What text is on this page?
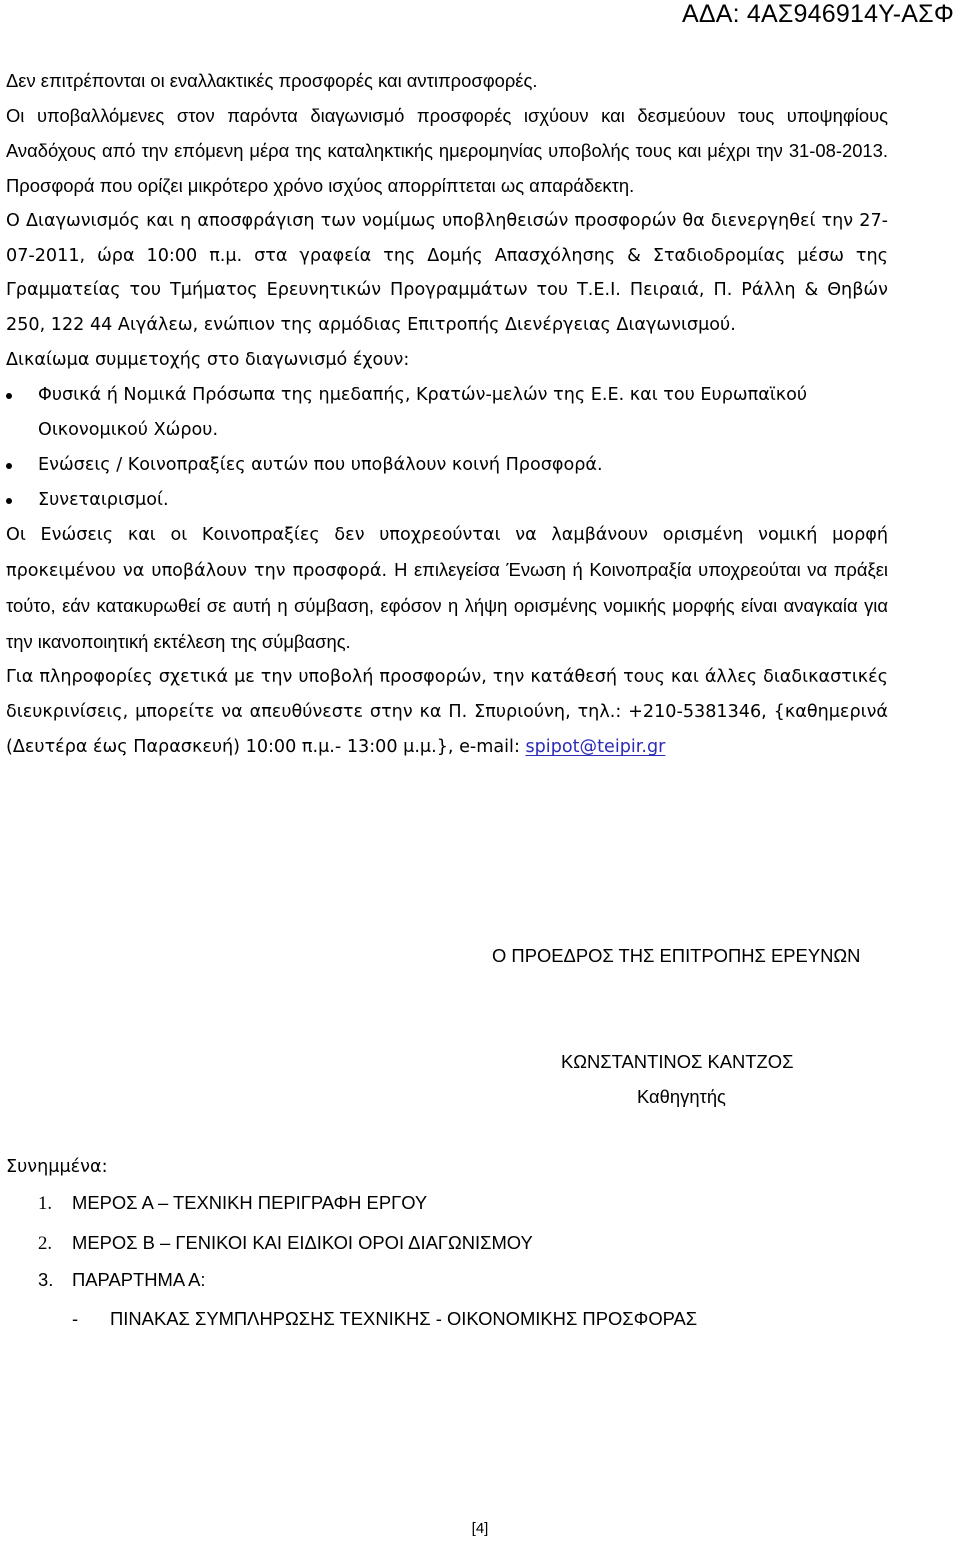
ΑΔΑ: 4ΑΣ946914Υ-ΑΣΦ

Δεν επιτρέπονται οι εναλλακτικές προσφορές και αντιπροσφορές.

Οι υποβαλλόμενες στον παρόντα διαγωνισμό προσφορές ισχύουν και δεσμεύουν τους υποψηφίους Αναδόχους από την επόμενη μέρα της καταληκτικής ημερομηνίας υποβολής τους και μέχρι την 31-08-2013. Προσφορά που ορίζει μικρότερο χρόνο ισχύος απορρίπτεται ως απαράδεκτη.

Ο Διαγωνισμός και η αποσφράγιση των νομίμως υποβληθεισών προσφορών θα διενεργηθεί την 27-07-2011, ώρα 10:00 π.μ. στα γραφεία της Δομής Απασχόλησης & Σταδιοδρομίας μέσω της Γραμματείας του Τμήματος Ερευνητικών Προγραμμάτων του Τ.Ε.Ι. Πειραιά, Π. Ράλλη & Θηβών 250, 122 44 Αιγάλεω, ενώπιον της αρμόδιας Επιτροπής Διενέργειας Διαγωνισμού.

Δικαίωμα συμμετοχής στο διαγωνισμό έχουν:

Φυσικά ή Νομικά Πρόσωπα της ημεδαπής, Κρατών-μελών της Ε.Ε. και του Ευρωπαϊκού Οικονομικού Χώρου.
Ενώσεις / Κοινοπραξίες αυτών που υποβάλουν κοινή Προσφορά.
Συνεταιρισμοί.

Οι Ενώσεις και οι Κοινοπραξίες δεν υποχρεούνται να λαμβάνουν ορισμένη νομική μορφή προκειμένου να υποβάλουν την προσφορά. Η επιλεγείσα Ένωση ή Κοινοπραξία υποχρεούται να πράξει τούτο, εάν κατακυρωθεί σε αυτή η σύμβαση, εφόσον η λήψη ορισμένης νομικής μορφής είναι αναγκαία για την ικανοποιητική εκτέλεση της σύμβασης.

Για πληροφορίες σχετικά με την υποβολή προσφορών, την κατάθεσή τους και άλλες διαδικαστικές διευκρινίσεις, μπορείτε να απευθύνεστε στην κα Π. Σπυριούνη, τηλ.: +210-5381346, {καθημερινά (Δευτέρα έως Παρασκευή) 10:00 π.μ.- 13:00 μ.μ.}, e-mail: spipot@teipir.gr

Ο ΠΡΟΕΔΡΟΣ ΤΗΣ ΕΠΙΤΡΟΠΗΣ ΕΡΕΥΝΩΝ
ΚΩΝΣΤΑΝΤΙΝΟΣ ΚΑΝΤΖΟΣ
Καθηγητής
Συνημμένα:
1. ΜΕΡΟΣ Α – ΤΕΧΝΙΚΗ ΠΕΡΙΓΡΑΦΗ ΕΡΓΟΥ
2. ΜΕΡΟΣ Β – ΓΕΝΙΚΟΙ ΚΑΙ ΕΙΔΙΚΟΙ ΟΡΟΙ ΔΙΑΓΩΝΙΣΜΟΥ
3. ΠΑΡΑΡΤΗΜΑ Α:
- ΠΙΝΑΚΑΣ ΣΥΜΠΛΗΡΩΣΗΣ ΤΕΧΝΙΚΗΣ - ΟΙΚΟΝΟΜΙΚΗΣ ΠΡΟΣΦΟΡΑΣ
[4]
